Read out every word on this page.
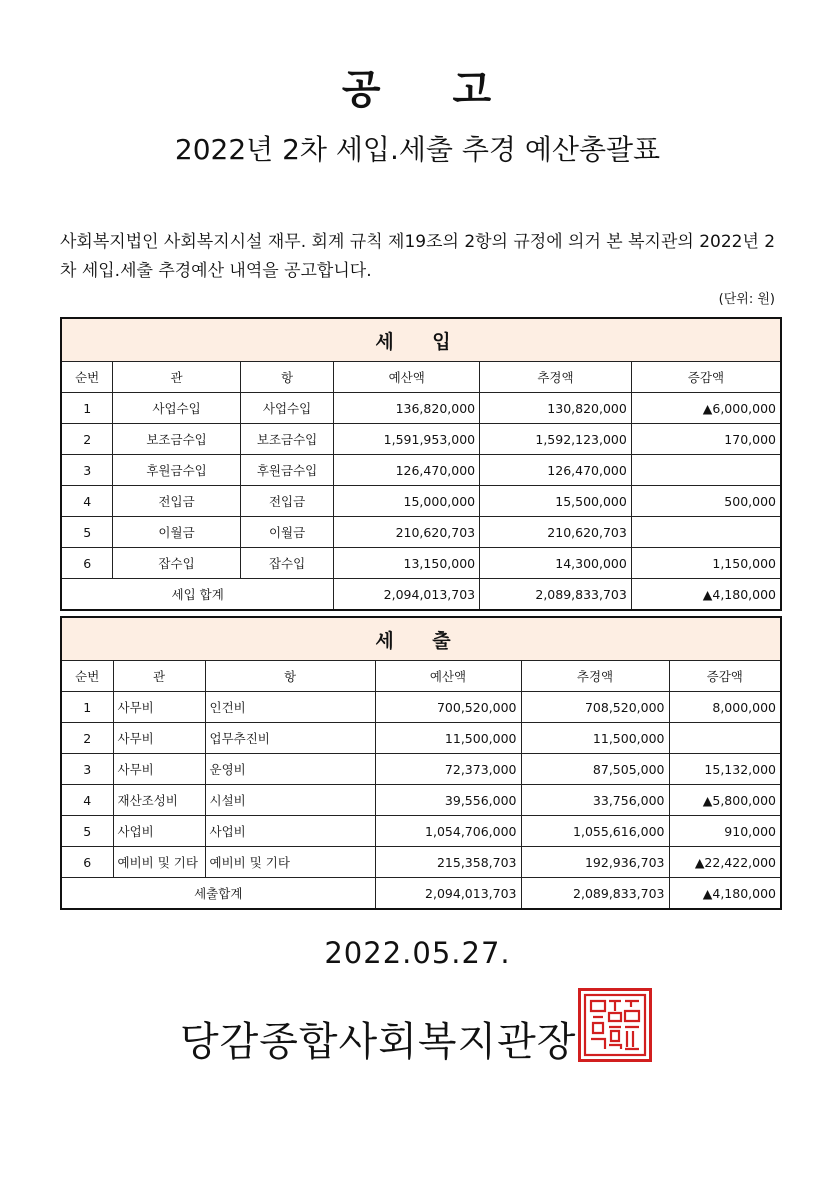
공 고
2022년 2차 세입.세출 추경 예산총괄표
사회복지법인 사회복지시설 재무. 회계 규칙 제19조의 2항의 규정에 의거 본 복지관의 2022년 2차 세입.세출 추경예산 내역을 공고합니다.
(단위: 원)
세 입					
순번	관	항	예산액	추경액	증감액
1	사업수입	사업수입	136,820,000	130,820,000	▲6,000,000
2	보조금수입	보조금수입	1,591,953,000	1,592,123,000	170,000
3	후원금수입	후원금수입	126,470,000	126,470,000	
4	전입금	전입금	15,000,000	15,500,000	500,000
5	이월금	이월금	210,620,703	210,620,703	
6	잡수입	잡수입	13,150,000	14,300,000	1,150,000
세입 합계			2,094,013,703	2,089,833,703	▲4,180,000
세 출					
순번	관	항	예산액	추경액	증감액
1	사무비	인건비	700,520,000	708,520,000	8,000,000
2	사무비	업무추진비	11,500,000	11,500,000	
3	사무비	운영비	72,373,000	87,505,000	15,132,000
4	재산조성비	시설비	39,556,000	33,756,000	▲5,800,000
5	사업비	사업비	1,054,706,000	1,055,616,000	910,000
6	예비비 및 기타	예비비 및 기타	215,358,703	192,936,703	▲22,422,000
세출합계			2,094,013,703	2,089,833,703	▲4,180,000
2022.05.27.
당감종합사회복지관장
